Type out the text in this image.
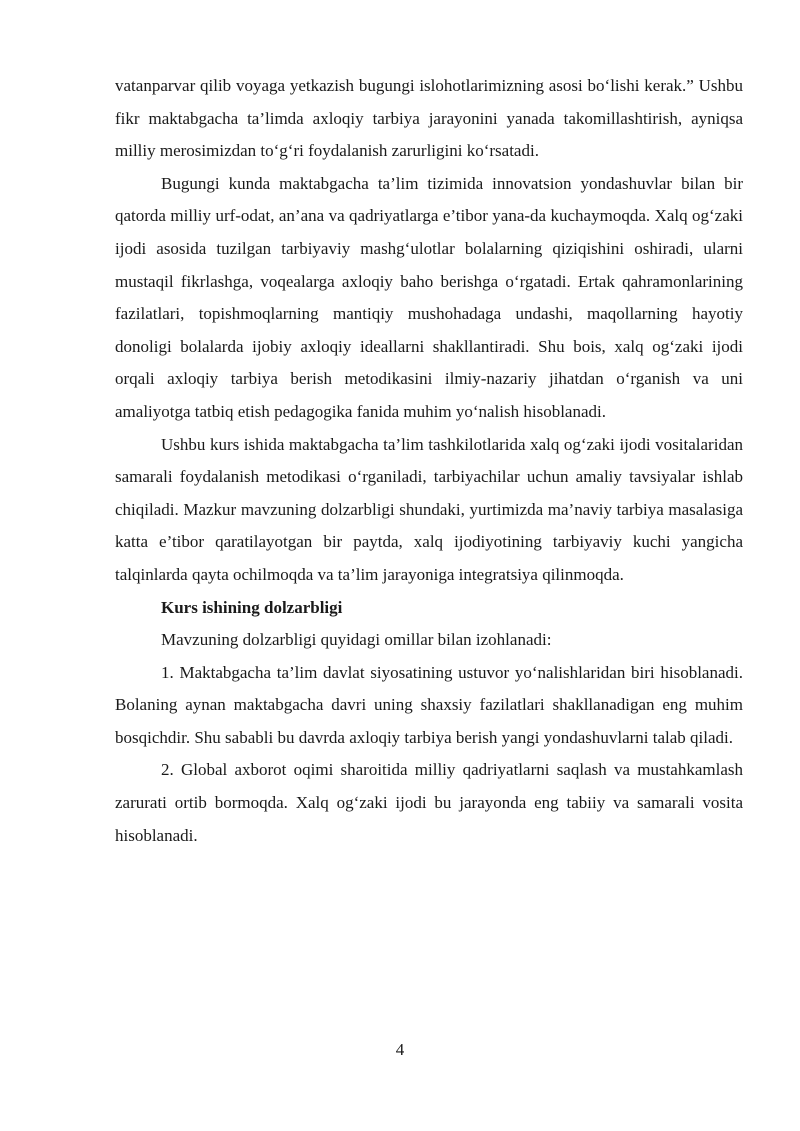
vatanparvar qilib voyaga yetkazish bugungi islohotlarimizning asosi bo‘lishi kerak.” Ushbu fikr maktabgacha ta’limda axloqiy tarbiya jarayonini yanada takomillashtirish, ayniqsa milliy merosimizdan to‘g‘ri foydalanish zarurligini ko‘rsatadi.

Bugungi kunda maktabgacha ta’lim tizimida innovatsion yondashuvlar bilan bir qatorda milliy urf-odat, an’ana va qadriyatlarga e’tibor yana-da kuchaymoqda. Xalq og‘zaki ijodi asosida tuzilgan tarbiyaviy mashg‘ulotlar bolalarning qiziqishini oshiradi, ularni mustaqil fikrlashga, voqealarga axloqiy baho berishga o‘rgatadi. Ertak qahramonlarining fazilatlari, topishmoqlarning mantiqiy mushohadaga undashi, maqollarning hayotiy donoligi bolalarda ijobiy axloqiy ideallarni shakllantiradi. Shu bois, xalq og‘zaki ijodi orqali axloqiy tarbiya berish metodikasini ilmiy-nazariy jihatdan o‘rganish va uni amaliyotga tatbiq etish pedagogika fanida muhim yo‘nalish hisoblanadi.

Ushbu kurs ishida maktabgacha ta’lim tashkilotlarida xalq og‘zaki ijodi vositalaridan samarali foydalanish metodikasi o‘rganiladi, tarbiyachilar uchun amaliy tavsiyalar ishlab chiqiladi. Mazkur mavzuning dolzarbligi shundaki, yurtimizda ma’naviy tarbiya masalasiga katta e’tibor qaratilayotgan bir paytda, xalq ijodiyotining tarbiyaviy kuchi yangicha talqinlarda qayta ochilmoqda va ta’lim jarayoniga integratsiya qilinmoqda.

Kurs ishining dolzarbligi

Mavzuning dolzarbligi quyidagi omillar bilan izohlanadi:

1. Maktabgacha ta’lim davlat siyosatining ustuvor yo‘nalishlaridan biri hisoblanadi. Bolaning aynan maktabgacha davri uning shaxsiy fazilatlari shakllanadigan eng muhim bosqichdir. Shu sababli bu davrda axloqiy tarbiya berish yangi yondashuvlarni talab qiladi.

2. Global axborot oqimi sharoitida milliy qadriyatlarni saqlash va mustahkamlash zarurati ortib bormoqda. Xalq og‘zaki ijodi bu jarayonda eng tabiiy va samarali vosita hisoblanadi.

4
